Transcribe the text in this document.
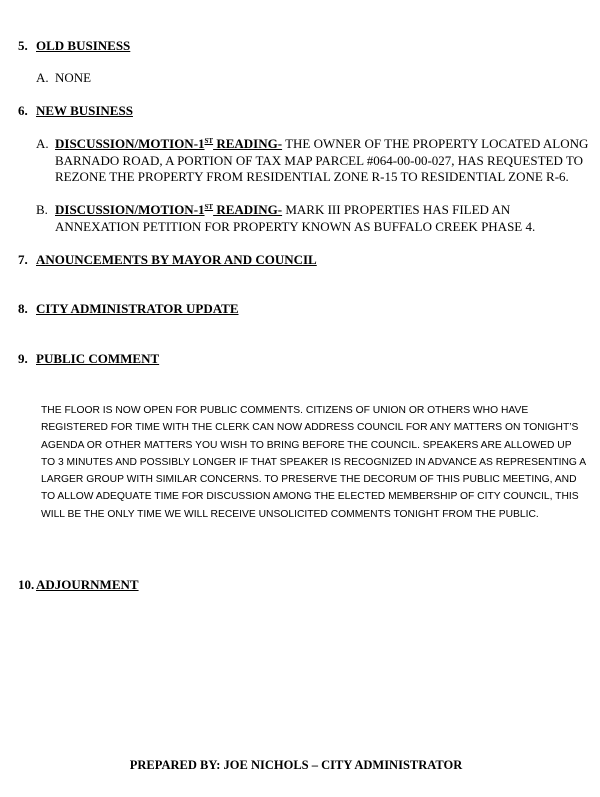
5. OLD BUSINESS
A. NONE
6. NEW BUSINESS
A. DISCUSSION/MOTION-1ST READING- THE OWNER OF THE PROPERTY LOCATED ALONG BARNADO ROAD, A PORTION OF TAX MAP PARCEL #064-00-00-027, HAS REQUESTED TO REZONE THE PROPERTY FROM RESIDENTIAL ZONE R-15 TO RESIDENTIAL ZONE R-6.
B. DISCUSSION/MOTION-1ST READING- MARK III PROPERTIES HAS FILED AN ANNEXATION PETITION FOR PROPERTY KNOWN AS BUFFALO CREEK PHASE 4.
7. ANOUNCEMENTS BY MAYOR AND COUNCIL
8. CITY ADMINISTRATOR UPDATE
9. PUBLIC COMMENT
THE FLOOR IS NOW OPEN FOR PUBLIC COMMENTS. CITIZENS OF UNION OR OTHERS WHO HAVE REGISTERED FOR TIME WITH THE CLERK CAN NOW ADDRESS COUNCIL FOR ANY MATTERS ON TONIGHT’S AGENDA OR OTHER MATTERS YOU WISH TO BRING BEFORE THE COUNCIL. SPEAKERS ARE ALLOWED UP TO 3 MINUTES AND POSSIBLY LONGER IF THAT SPEAKER IS RECOGNIZED IN ADVANCE AS REPRESENTING A LARGER GROUP WITH SIMILAR CONCERNS. TO PRESERVE THE DECORUM OF THIS PUBLIC MEETING, AND TO ALLOW ADEQUATE TIME FOR DISCUSSION AMONG THE ELECTED MEMBERSHIP OF CITY COUNCIL, THIS WILL BE THE ONLY TIME WE WILL RECEIVE UNSOLICITED COMMENTS TONIGHT FROM THE PUBLIC.
10. ADJOURNMENT
PREPARED BY: JOE NICHOLS – CITY ADMINISTRATOR
